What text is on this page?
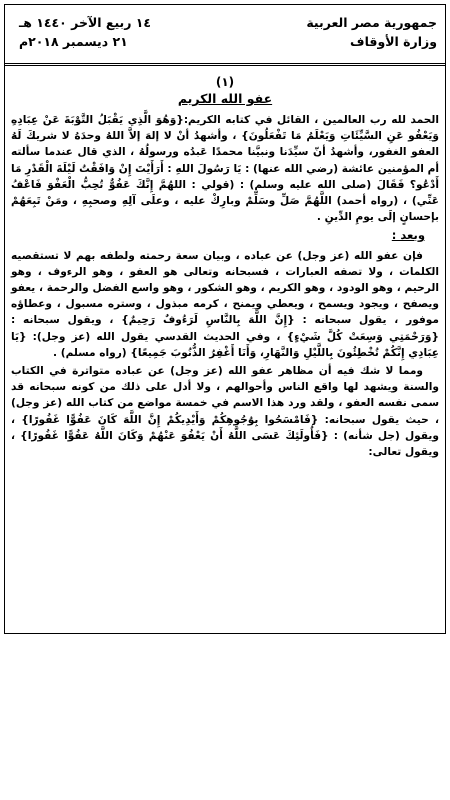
جمهورية مصر العربية
وزارة الأوقاف
١٤ ربيع الآخر ١٤٤٠ هـ
٢١ ديسمبر ٢٠١٨م
(١)
عفو الله الكريم

الحمد لله رب العالمين ، القائل في كتابه الكريم:{وَهُوَ الَّذِي يَقْبَلُ التَّوْبَةَ عَنْ عِبَادِهِ وَيَعْفُو عَنِ السَّيِّئَاتِ وَيَعْلَمُ مَا تَفْعَلُونَ} ، وأشهدُ أنْ لا إلهَ إلاَّ اللهُ وحدَهُ لا شريكَ لَهُ العفو الغفور، وأشهدُ أنّ سيِّدَنا ونبيَّنا محمدًا عَبدُه ورسولُهُ ، الذي قال عندما سألته أم المؤمنين عائشة (رضي الله عنها) : يَا رَسُولَ اللهِ : أَرَأَيْتَ إِنْ وَافَقْتُ لَيْلَةَ الْقَدْرِ مَا أَدْعُو؟ فَقَالَ (صلى الله عليه وسلم) : (قولي : اللهُمَّ إِنَّكَ عَفُوٌّ تُحِبُّ الْعَفْوَ فَاعْفُ عَنِّي) ، (رواه أحمد) اللَّهُمَّ صَلِّ وسَلِّمْ وبارِكْ عليه ، وعلَى آلِهِ وصحبِهِ ، ومَنْ تَبِعَهُمْ بإحسانٍ إلَى يومِ الدِّينِ .

وبعد :

فإن عفو الله (عز وجل) عن عباده ، وبيان سعة رحمته ولطفه بهم لا تستقصيه الكلمات ، ولا تصفه العبارات ، فسبحانه وتعالى هو العفو ، وهو الرءوف ، وهو الرحيم ، وهو الودود ، وهو الكريم ، وهو الشكور ، وهو واسع الفضل والرحمة ، يعفو ويصفح ، ويجود ويسمح ، ويعطي ويمنح ، كرمه مبذول ، وستره مسبول ، وعطاؤه موفور ، يقول سبحانه : {إِنَّ اللَّهَ بِالنَّاسِ لَرَءُوفٌ رَحِيمٌ} ، ويقول سبحانه : {وَرَحْمَتِي وَسِعَتْ كُلَّ شَيْءٍ} ، وفي الحديث القدسي يقول الله (عز وجل): {يَا عِبَادِي إِنَّكُمْ تُخْطِئُونَ بِاللَّيْلِ وَالنَّهَارِ، وَأَنَا أَغْفِرُ الذُّنُوبَ جَمِيعًا} (رواه مسلم) .

ومما لا شك فيه أن مظاهر عفو الله (عز وجل) عن عباده متواترة في الكتاب والسنة ويشهد لها واقع الناس وأحوالهم ، ولا أدل على ذلك من كونه سبحانه قد سمى نفسه العفو ، ولقد ورد هذا الاسم في خمسة مواضع من كتاب الله (عز وجل) ، حيث يقول سبحانه: {فَامْسَحُوا بِوُجُوهِكُمْ وَأَيْدِيكُمْ إِنَّ اللَّهَ كَانَ عَفُوًّا غَفُورًا} ، ويقول (جل شأنه) : {فَأُولَئِكَ عَسَى اللَّهُ أَنْ يَعْفُوَ عَنْهُمْ وَكَانَ اللَّهُ عَفُوًّا غَفُورًا} ، ويقول تعالى:
